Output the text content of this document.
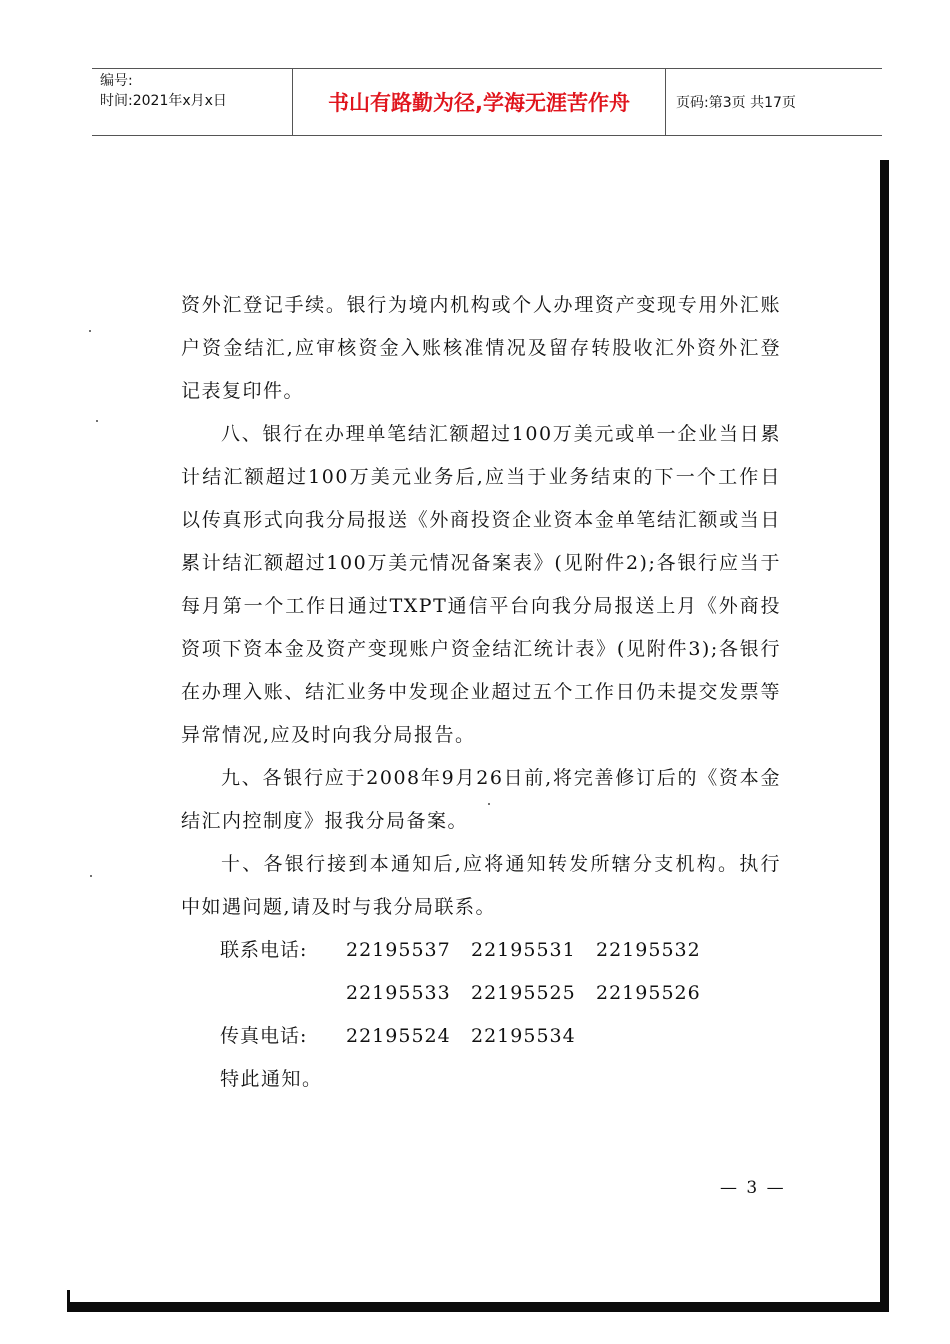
编号:
时间:2021年x月x日	书山有路勤为径,学海无涯苦作舟	页码:第3页 共17页

资外汇登记手续。银行为境内机构或个人办理资产变现专用外汇账户资金结汇,应审核资金入账核准情况及留存转股收汇外资外汇登记表复印件。

八、银行在办理单笔结汇额超过100万美元或单一企业当日累计结汇额超过100万美元业务后,应当于业务结束的下一个工作日以传真形式向我分局报送《外商投资企业资本金单笔结汇额或当日累计结汇额超过100万美元情况备案表》(见附件2);各银行应当于每月第一个工作日通过TXPT通信平台向我分局报送上月《外商投资项下资本金及资产变现账户资金结汇统计表》(见附件3);各银行在办理入账、结汇业务中发现企业超过五个工作日仍未提交发票等异常情况,应及时向我分局报告。

九、各银行应于2008年9月26日前,将完善修订后的《资本金结汇内控制度》报我分局备案。

十、各银行接到本通知后,应将通知转发所辖分支机构。执行中如遇问题,请及时与我分局联系。

联系电话:	22195537	22195531	22195532
22195533	22195525	22195526
传真电话:	22195524	22195534
特此通知。
— 3 —
